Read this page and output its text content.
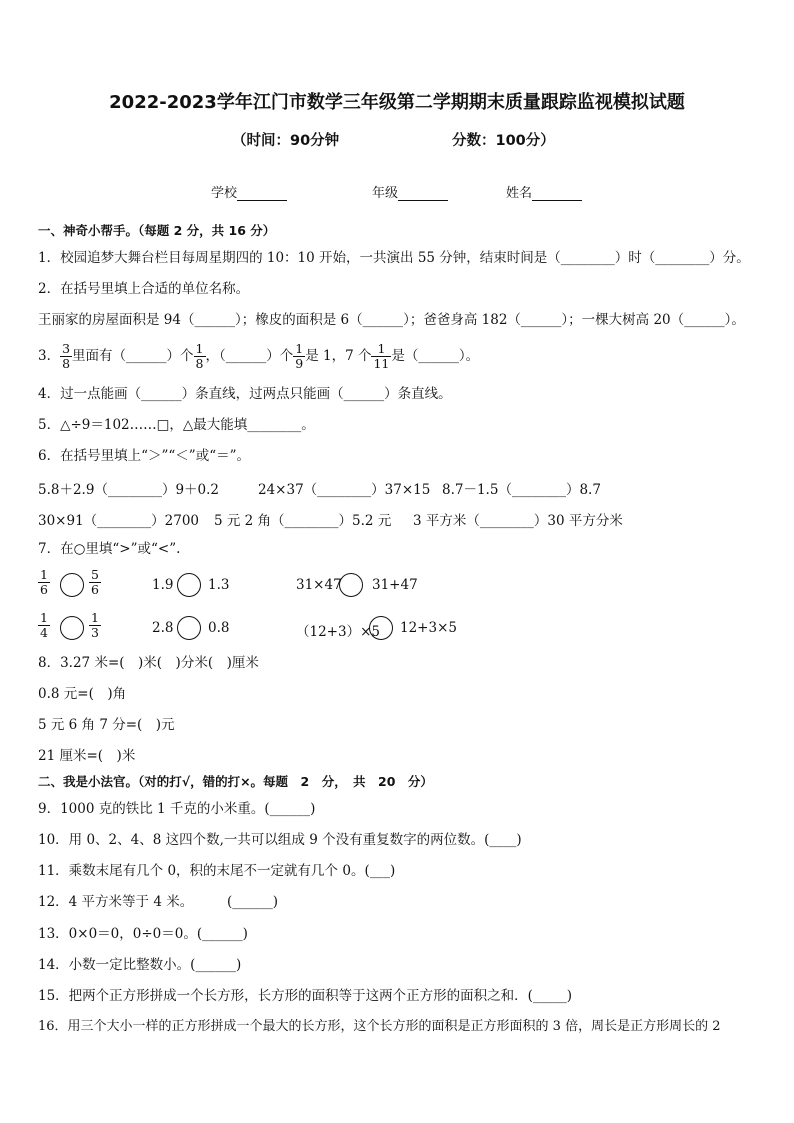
2022-2023学年江门市数学三年级第二学期期末质量跟踪监视模拟试题
（时间：90分钟	分数：100分）
学校	年级	姓名
一、神奇小帮手。（每题 2 分，共 16 分）
1．校园追梦大舞台栏目每周星期四的 10：10 开始，一共演出 55 分钟，结束时间是（________）时（________）分。
2．在括号里填上合适的单位名称。
王丽家的房屋面积是 94（______）；橡皮的面积是 6（______）；爸爸身高 182（______）；一棵大树高 20（______）。
3． $\frac{3}{8}$ 里面有（______）个 $\frac{1}{8}$ ，（______）个 $\frac{1}{9}$ 是 1，7 个 $\frac{1}{11}$ 是（______）。
4．过一点能画（______）条直线，过两点只能画（______）条直线。
5．△÷9＝102……□，△最大能填________。
6．在括号里填上“＞”“＜”或“＝”。
5.8＋2.9（________）9＋0.2	24×37（________）37×15 8.7－1.5（________）8.7
30×91（________）2700 5 元 2 角（________）5.2 元 3 平方米（________）30 平方分米
7．在○里填“>”或“<”.
$\frac{1}{6}$	$\frac{5}{6}$	1.9	1.3	31×47 31+47
$\frac{1}{4}$	$\frac{1}{3}$	2.8	0.8	（12+3）×5 12+3×5
8．3.27 米=(　)米(　)分米(　)厘米
0.8 元=(　)角
5 元 6 角 7 分=(　)元
21 厘米=(　)米
二、我是小法官。（对的打√，错的打×。每题　2　分，　共　20　分）
9．1000 克的铁比 1 千克的小米重。(______)
10．用 0、2、4、8 这四个数,一共可以组成 9 个没有重复数字的两位数。(____)
11．乘数末尾有几个 0，积的末尾不一定就有几个 0。(___)
12．4 平方米等于 4 米。　　　(______)
13．0×0＝0，0÷0＝0。(______)
14．小数一定比整数小。(______)
15．把两个正方形拼成一个长方形，长方形的面积等于这两个正方形的面积之和．(_____)
16．用三个大小一样的正方形拼成一个最大的长方形，这个长方形的面积是正方形面积的 3 倍，周长是正方形周长的 2
